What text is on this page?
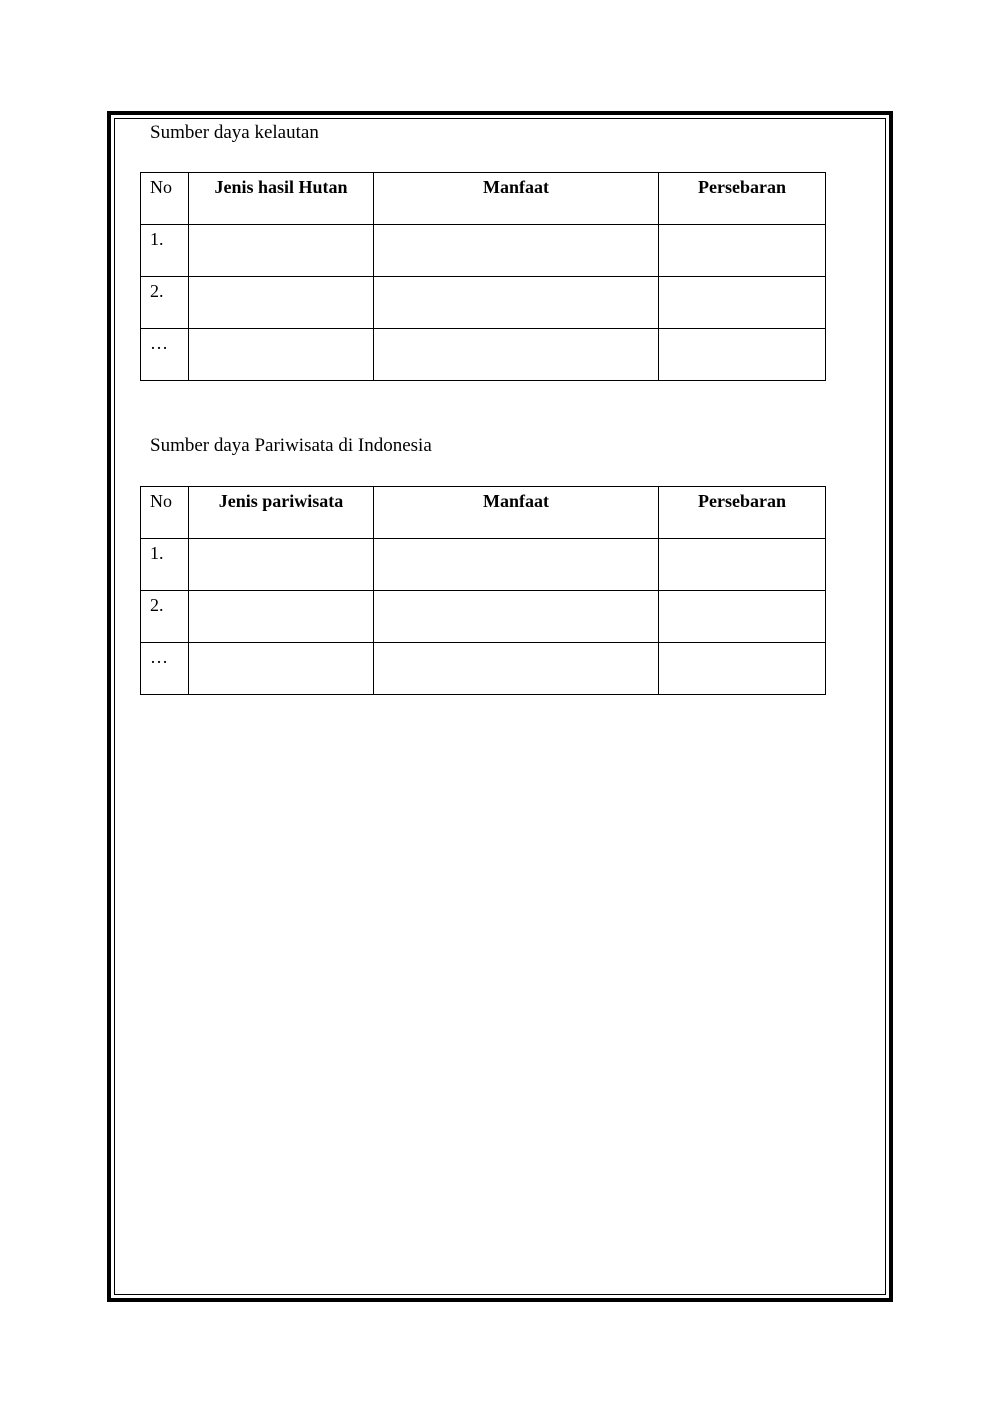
Sumber daya kelautan

No	Jenis hasil Hutan	Manfaat	Persebaran
1.			
2.			
…			

Sumber daya Pariwisata di Indonesia

No	Jenis pariwisata	Manfaat	Persebaran
1.			
2.			
…			
